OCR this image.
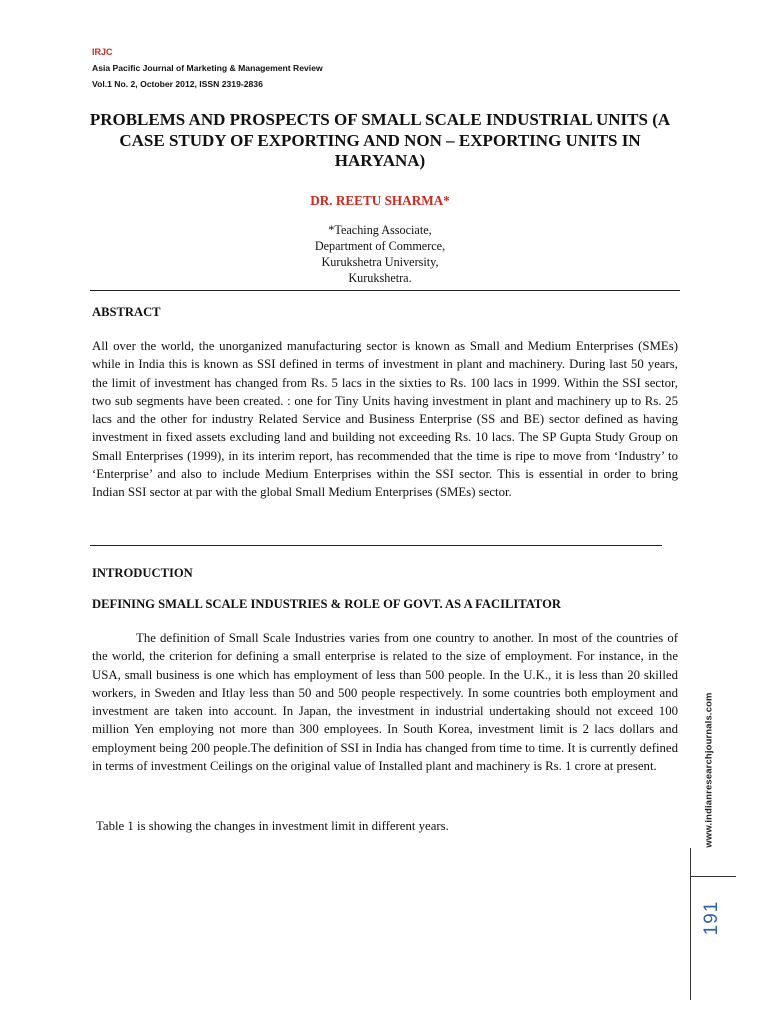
IRJC
Asia Pacific Journal of Marketing & Management Review
Vol.1 No. 2, October 2012, ISSN 2319-2836
PROBLEMS AND PROSPECTS OF SMALL SCALE INDUSTRIAL UNITS (A CASE STUDY OF EXPORTING AND NON – EXPORTING UNITS IN HARYANA)
DR. REETU SHARMA*
*Teaching Associate,
Department of Commerce,
Kurukshetra University,
Kurukshetra.
ABSTRACT

All over the world, the unorganized manufacturing sector is known as Small and Medium Enterprises (SMEs) while in India this is known as SSI defined in terms of investment in plant and machinery. During last 50 years, the limit of investment has changed from Rs. 5 lacs in the sixties to Rs. 100 lacs in 1999. Within the SSI sector, two sub segments have been created. : one for Tiny Units having investment in plant and machinery up to Rs. 25 lacs and the other for industry Related Service and Business Enterprise (SS and BE) sector defined as having investment in fixed assets excluding land and building not exceeding Rs. 10 lacs. The SP Gupta Study Group on Small Enterprises (1999), in its interim report, has recommended that the time is ripe to move from ‘Industry’ to ‘Enterprise’ and also to include Medium Enterprises within the SSI sector. This is essential in order to bring Indian SSI sector at par with the global Small Medium Enterprises (SMEs) sector.

INTRODUCTION
DEFINING SMALL SCALE INDUSTRIES & ROLE OF GOVT. AS A FACILITATOR

The definition of Small Scale Industries varies from one country to another. In most of the countries of the world, the criterion for defining a small enterprise is related to the size of employment. For instance, in the USA, small business is one which has employment of less than 500 people. In the U.K., it is less than 20 skilled workers, in Sweden and Itlay less than 50 and 500 people respectively. In some countries both employment and investment are taken into account. In Japan, the investment in industrial undertaking should not exceed 100 million Yen employing not more than 300 employees. In South Korea, investment limit is 2 lacs dollars and employment being 200 people.The definition of SSI in India has changed from time to time. It is currently defined in terms of investment Ceilings on the original value of Installed plant and machinery is Rs. 1 crore at present.

Table 1 is showing the changes in investment limit in different years.	www.indianresearchjournals.com
191
